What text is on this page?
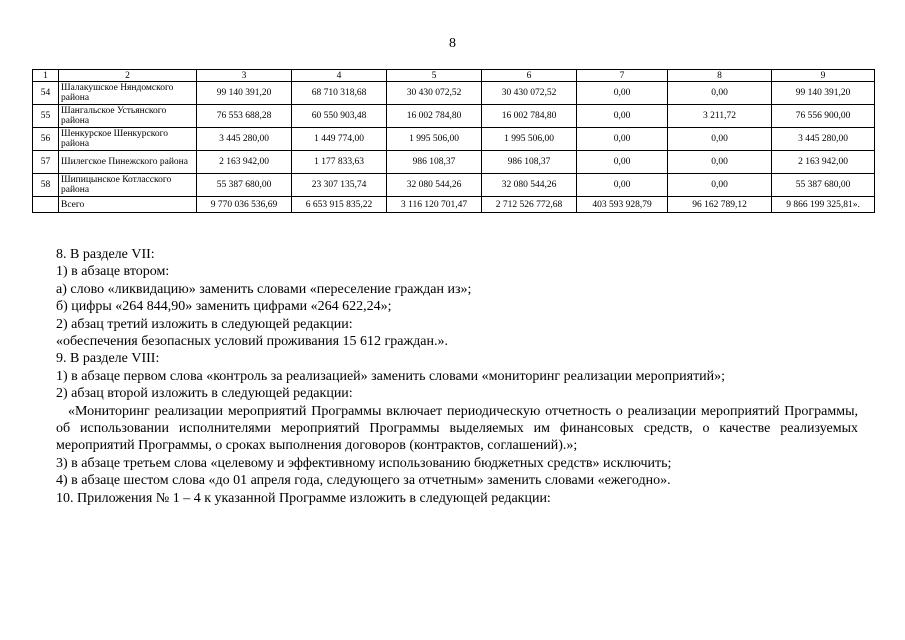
8
1	2	3	4	5	6	7	8	9
54	Шалакушское Няндомского района	99 140 391,20	68 710 318,68	30 430 072,52	30 430 072,52	0,00	0,00	99 140 391,20
55	Шангальское Устьянского района	76 553 688,28	60 550 903,48	16 002 784,80	16 002 784,80	0,00	3 211,72	76 556 900,00
56	Шенкурское Шенкурского района	3 445 280,00	1 449 774,00	1 995 506,00	1 995 506,00	0,00	0,00	3 445 280,00
57	Шилегское Пинежского района	2 163 942,00	1 177 833,63	986 108,37	986 108,37	0,00	0,00	2 163 942,00
58	Шипицынское Котласского района	55 387 680,00	23 307 135,74	32 080 544,26	32 080 544,26	0,00	0,00	55 387 680,00
	Всего	9 770 036 536,69	6 653 915 835,22	3 116 120 701,47	2 712 526 772,68	403 593 928,79	96 162 789,12	9 866 199 325,81».

8. В разделе VII:

1) в абзаце втором:

а) слово «ликвидацию» заменить словами «переселение граждан из»;

б) цифры «264 844,90» заменить цифрами «264 622,24»;

2) абзац третий изложить в следующей редакции:

«обеспечения безопасных условий проживания 15 612 граждан.».

9. В разделе VIII:

1) в абзаце первом слова «контроль за реализацией» заменить словами «мониторинг реализации мероприятий»;

2) абзац второй изложить в следующей редакции:

«Мониторинг реализации мероприятий Программы включает периодическую отчетность о реализации мероприятий Программы, об использовании исполнителями мероприятий Программы выделяемых им финансовых средств, о качестве реализуемых мероприятий Программы, о сроках выполнения договоров (контрактов, соглашений).»;

3) в абзаце третьем слова «целевому и эффективному использованию бюджетных средств» исключить;

4) в абзаце шестом слова «до 01 апреля года, следующего за отчетным» заменить словами «ежегодно».

10. Приложения № 1 – 4 к указанной Программе изложить в следующей редакции:
